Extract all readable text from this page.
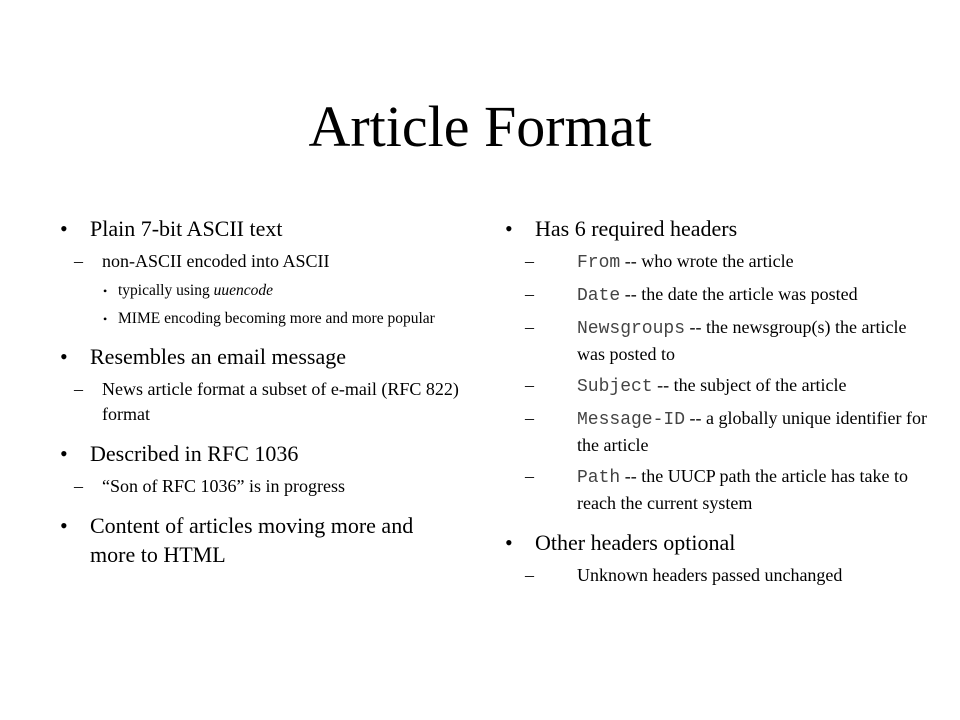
Article Format
• Plain 7-bit ASCII text
– non-ASCII encoded into ASCII
• typically using uuencode
• MIME encoding becoming more and more popular
• Resembles an email message
– News article format a subset of e-mail (RFC 822) format
• Described in RFC 1036
– “Son of RFC 1036” is in progress
• Content of articles moving more and more to HTML
• Has 6 required headers
– From -- who wrote the article
– Date -- the date the article was posted
– Newsgroups -- the newsgroup(s) the article was posted to
– Subject -- the subject of the article
– Message-ID -- a globally unique identifier for the article
– Path -- the UUCP path the article has take to reach the current system
• Other headers optional
– Unknown headers passed unchanged
